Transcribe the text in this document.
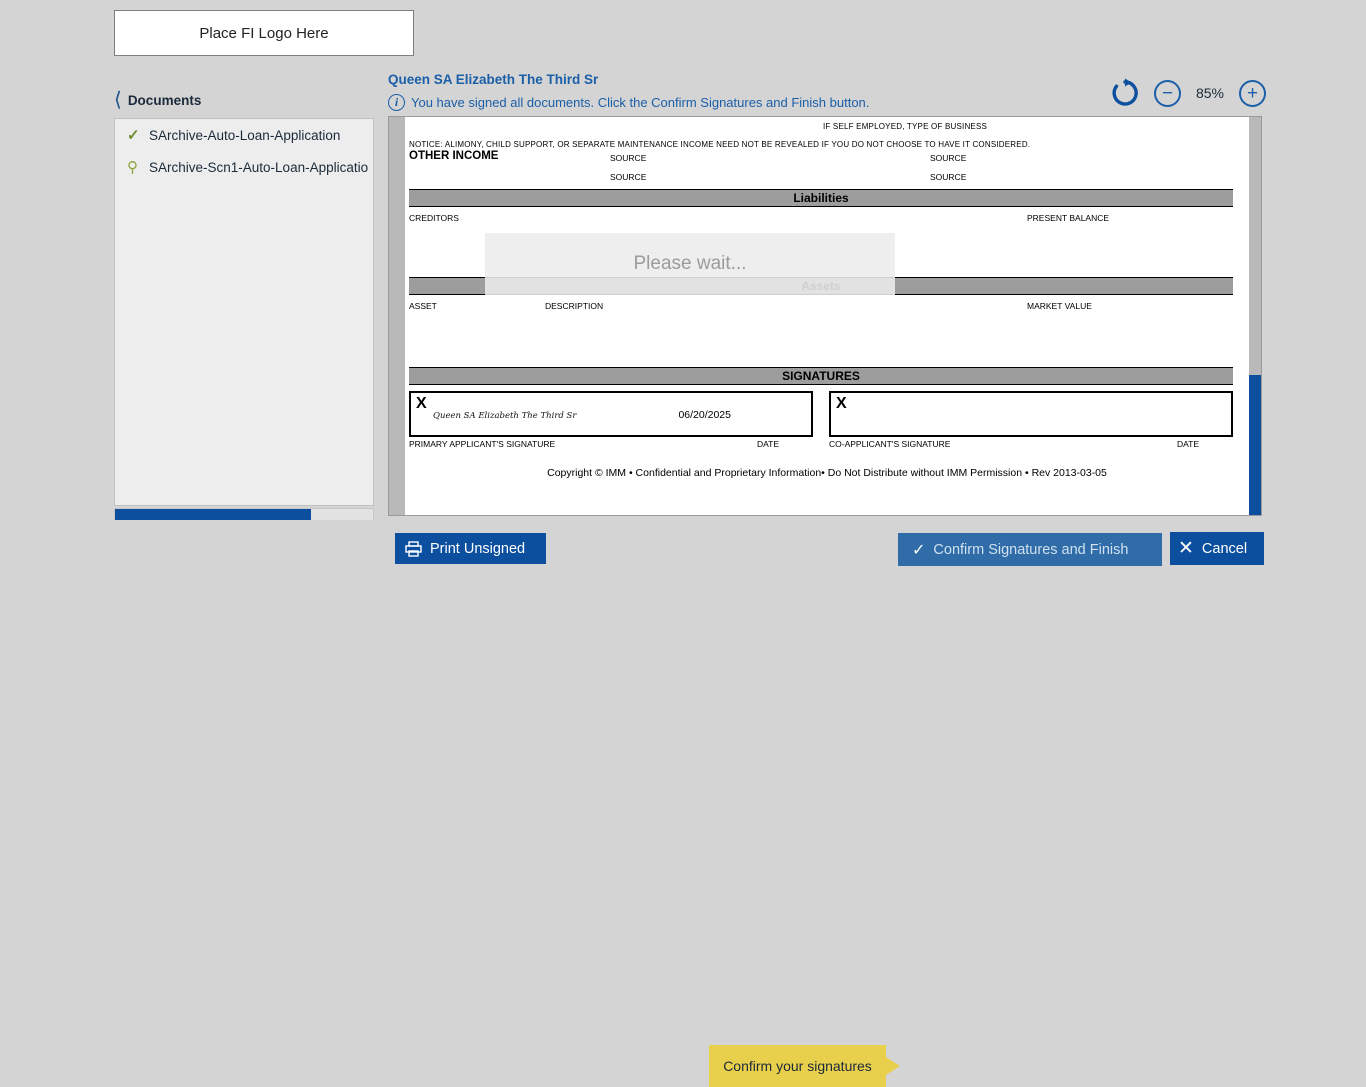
Place FI Logo Here
⟨ Documents
✓ SArchive-Auto-Loan-Application
⚲ SArchive-Scn1-Auto-Loan-Applicatio
Queen SA Elizabeth The Third Sr
i You have signed all documents. Click the Confirm Signatures and Finish button.	−	85%	+
IF SELF EMPLOYED, TYPE OF BUSINESS
NOTICE: ALIMONY, CHILD SUPPORT, OR SEPARATE MAINTENANCE INCOME NEED NOT BE REVEALED IF YOU DO NOT CHOOSE TO HAVE IT CONSIDERED.
OTHER INCOME	SOURCE	SOURCE
SOURCE	SOURCE
Liabilities
CREDITORS	PRESENT BALANCE
ASSET	DESCRIPTION	MARKET VALUE
SIGNATURES
X
Queen SA Elizabeth The Third Sr	06/20/2025
PRIMARY APPLICANT'S SIGNATURE	DATE
X
CO-APPLICANT'S SIGNATURE	DATE
Copyright © IMM • Confidential and Proprietary Information• Do Not Distribute without IMM Permission • Rev 2013-03-05
Please wait...
Print Unsigned
Confirm your signatures
✓ Confirm Signatures and Finish	✕ Cancel
